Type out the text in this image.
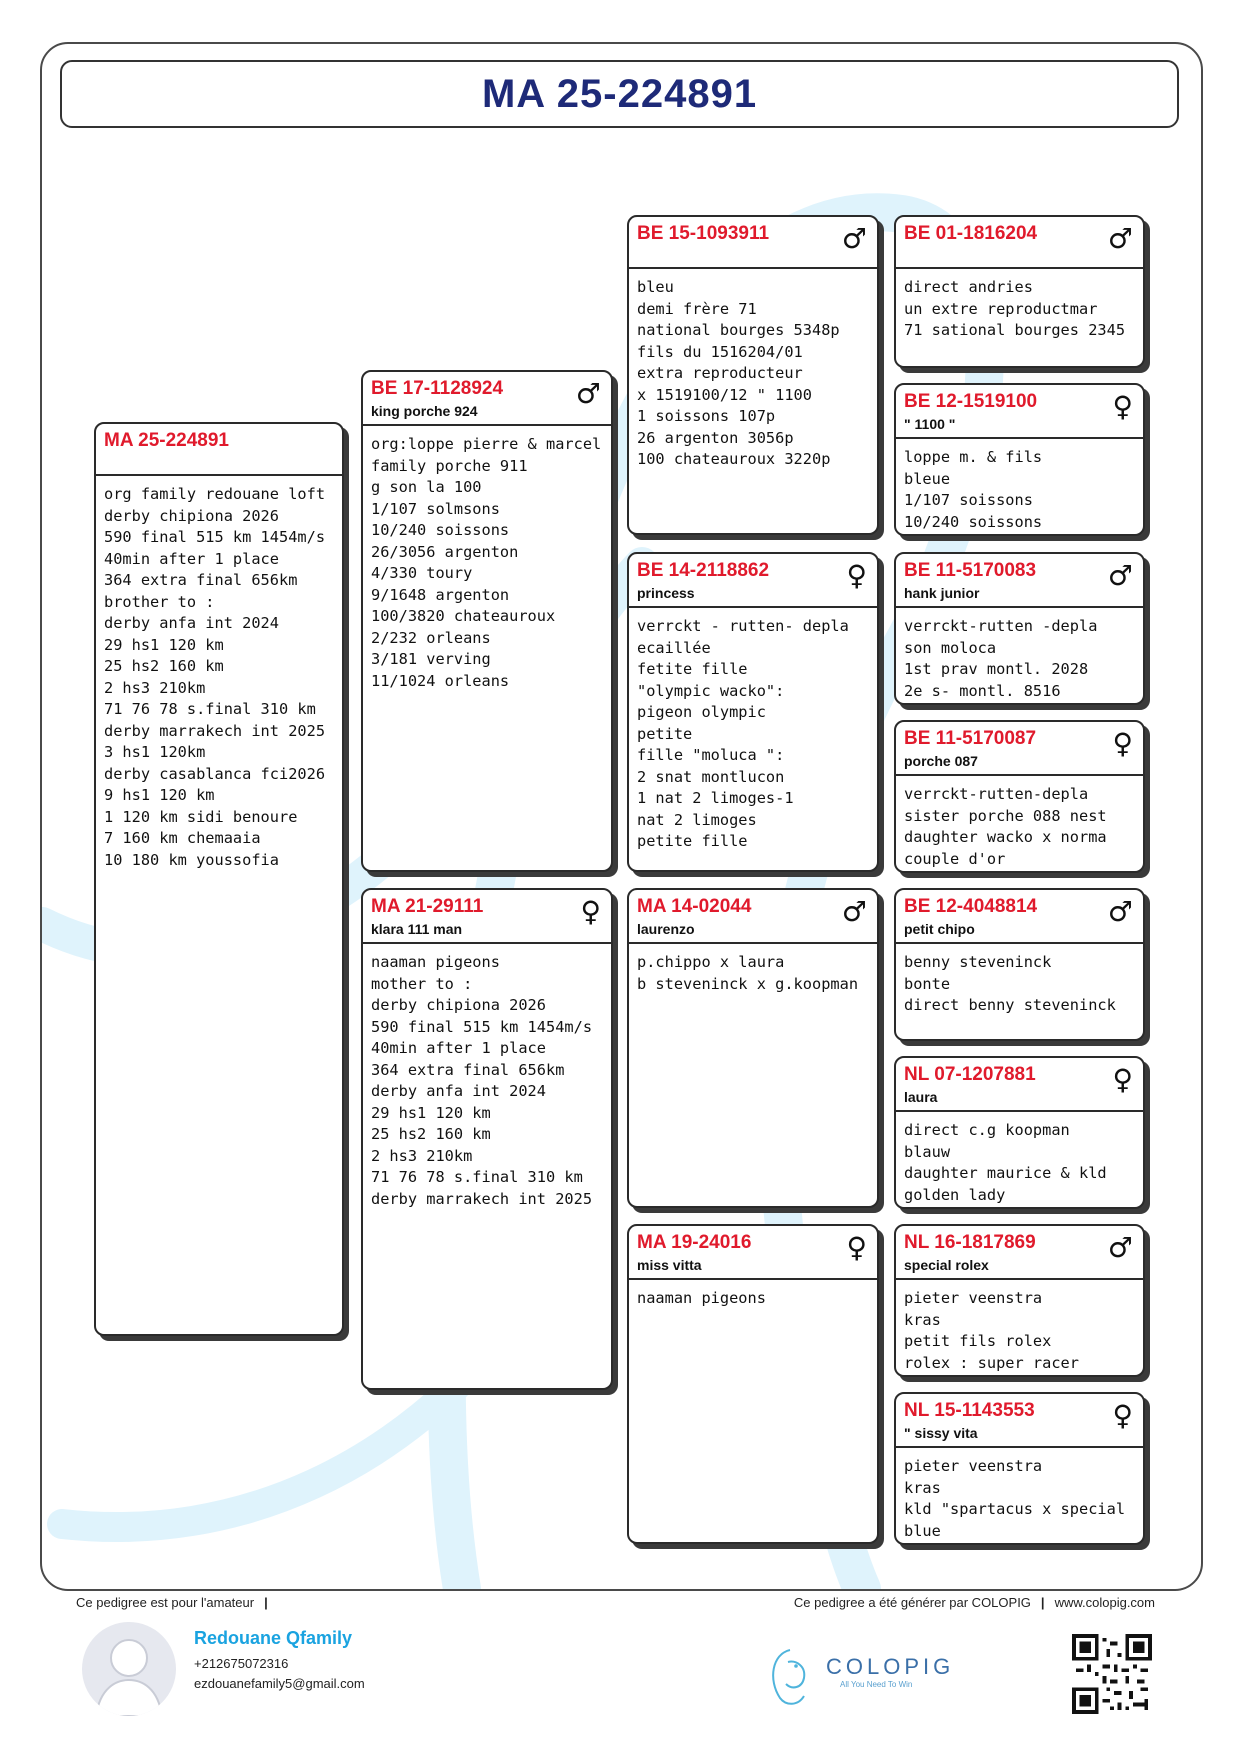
MA 25-224891
MA 25-224891
org family redouane loft
derby chipiona 2026
590 final 515 km 1454m/s
40min after 1 place
364 extra final 656km
brother to :
derby anfa int 2024
29 hs1 120 km
25 hs2 160 km
2 hs3 210km
71 76 78 s.final 310 km
derby marrakech int 2025
3 hs1 120km
derby casablanca fci2026
9 hs1 120 km
1 120 km sidi benoure
7 160 km chemaaia
10 180 km youssofia
BE 17-1128924
king porche 924
♂
org:loppe pierre & marcel
family porche 911
g son la 100
1/107 solmsons
10/240 soissons
26/3056 argenton
4/330 toury
9/1648 argenton
100/3820 chateauroux
2/232 orleans
3/181 verving
11/1024 orleans
MA 21-29111
klara 111 man
♀
naaman pigeons
mother to :
derby chipiona 2026
590 final 515 km 1454m/s
40min after 1 place
364 extra final 656km
derby anfa int 2024
29 hs1 120 km
25 hs2 160 km
2 hs3 210km
71 76 78 s.final 310 km
derby marrakech int 2025
BE 15-1093911	♂
bleu
demi frère 71
national bourges 5348p
fils du 1516204/01
extra reproducteur
x 1519100/12 " 1100
1 soissons 107p
26 argenton 3056p
100 chateauroux 3220p
BE 14-2118862
princess
♀
verrckt - rutten- depla
ecaillée
fetite fille
"olympic wacko":
pigeon olympic
petite
fille "moluca ":
2 snat montlucon
1 nat 2 limoges-1
nat 2 limoges
petite fille
MA 14-02044
laurenzo
♂
p.chippo x laura
b steveninck x g.koopman
MA 19-24016
miss vitta
♀
naaman pigeons
BE 01-1816204	♂
direct andries
un extre reproductmar
71 sational bourges 2345
BE 12-1519100
" 1100 "
♀
loppe m. & fils
bleue
1/107 soissons
10/240 soissons
BE 11-5170083
hank junior
♂
verrckt-rutten -depla
son moloca
1st prav montl. 2028
2e s- montl. 8516
BE 11-5170087
porche 087
♀
verrckt-rutten-depla
sister porche 088 nest
daughter wacko x norma
couple d'or
BE 12-4048814
petit chipo
♂
benny steveninck
bonte
direct benny steveninck
NL 07-1207881
laura
♀
direct c.g koopman
blauw
daughter maurice & kld
golden lady
NL 16-1817869
special rolex
♂
pieter veenstra
kras
petit fils rolex
rolex : super racer
NL 15-1143553
" sissy vita
♀
pieter veenstra
kras
kld "spartacus x special
blue
Ce pedigree est pour l'amateur |	Ce pedigree a été générer par COLOPIG | www.colopig.com
Redouane Qfamily
+212675072316
ezdouanefamily5@gmail.com
COLOPIG
All You Need To Win
